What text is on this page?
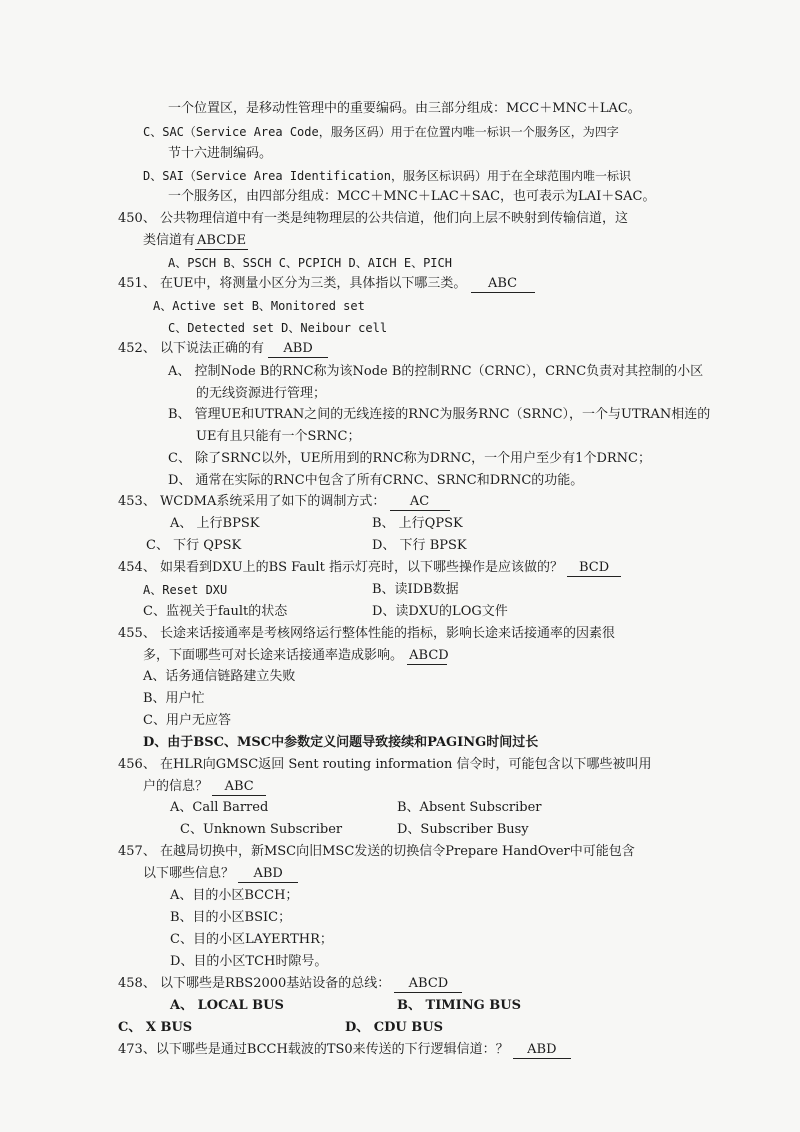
一个位置区，是移动性管理中的重要编码。由三部分组成：MCC＋MNC＋LAC。
C、SAC（Service Area Code，服务区码）用于在位置内唯一标识一个服务区，为四字
节十六进制编码。
D、SAI（Service Area Identification，服务区标识码）用于在全球范围内唯一标识
一个服务区，由四部分组成：MCC＋MNC＋LAC＋SAC，也可表示为LAI＋SAC。
450、 公共物理信道中有一类是纯物理层的公共信道，他们向上层不映射到传输信道，这
类信道有 ABCDE
A、PSCH B、SSCH C、PCPICH D、AICH E、PICH
451、 在UE中，将测量小区分为三类，具体指以下哪三类。 ABC
A、Active set B、Monitored set
C、Detected set D、Neibour cell
452、 以下说法正确的有 ABD
A、 控制Node B的RNC称为该Node B的控制RNC（CRNC），CRNC负责对其控制的小区
的无线资源进行管理；
B、 管理UE和UTRAN之间的无线连接的RNC为服务RNC（SRNC），一个与UTRAN相连的
UE有且只能有一个SRNC；
C、 除了SRNC以外，UE所用到的RNC称为DRNC，一个用户至少有1个DRNC；
D、 通常在实际的RNC中包含了所有CRNC、SRNC和DRNC的功能。
453、 WCDMA系统采用了如下的调制方式： AC
A、 上行BPSK	B、 上行QPSK
C、 下行 QPSK	D、 下行 BPSK
454、 如果看到DXU上的BS Fault 指示灯亮时，以下哪些操作是应该做的？ BCD
A、Reset DXU	B、读IDB数据
C、监视关于fault的状态	D、读DXU的LOG文件
455、 长途来话接通率是考核网络运行整体性能的指标，影响长途来话接通率的因素很
多，下面哪些可对长途来话接通率造成影响。 ABCD
A、话务通信链路建立失败
B、用户忙
C、用户无应答
D、由于BSC、MSC中参数定义问题导致接续和PAGING时间过长
456、 在HLR向GMSC返回 Sent routing information 信令时，可能包含以下哪些被叫用
户的信息？ ABC
A、Call Barred	B、Absent Subscriber
C、Unknown Subscriber	D、Subscriber Busy
457、 在越局切换中，新MSC向旧MSC发送的切换信令Prepare HandOver中可能包含
以下哪些信息？ ABD
A、目的小区BCCH；
B、目的小区BSIC；
C、目的小区LAYERTHR；
D、目的小区TCH时隙号。
458、 以下哪些是RBS2000基站设备的总线： ABCD
A、 LOCAL BUS	B、 TIMING BUS
C、 X BUS	D、 CDU BUS
473、以下哪些是通过BCCH载波的TS0来传送的下行逻辑信道：？ ABD
